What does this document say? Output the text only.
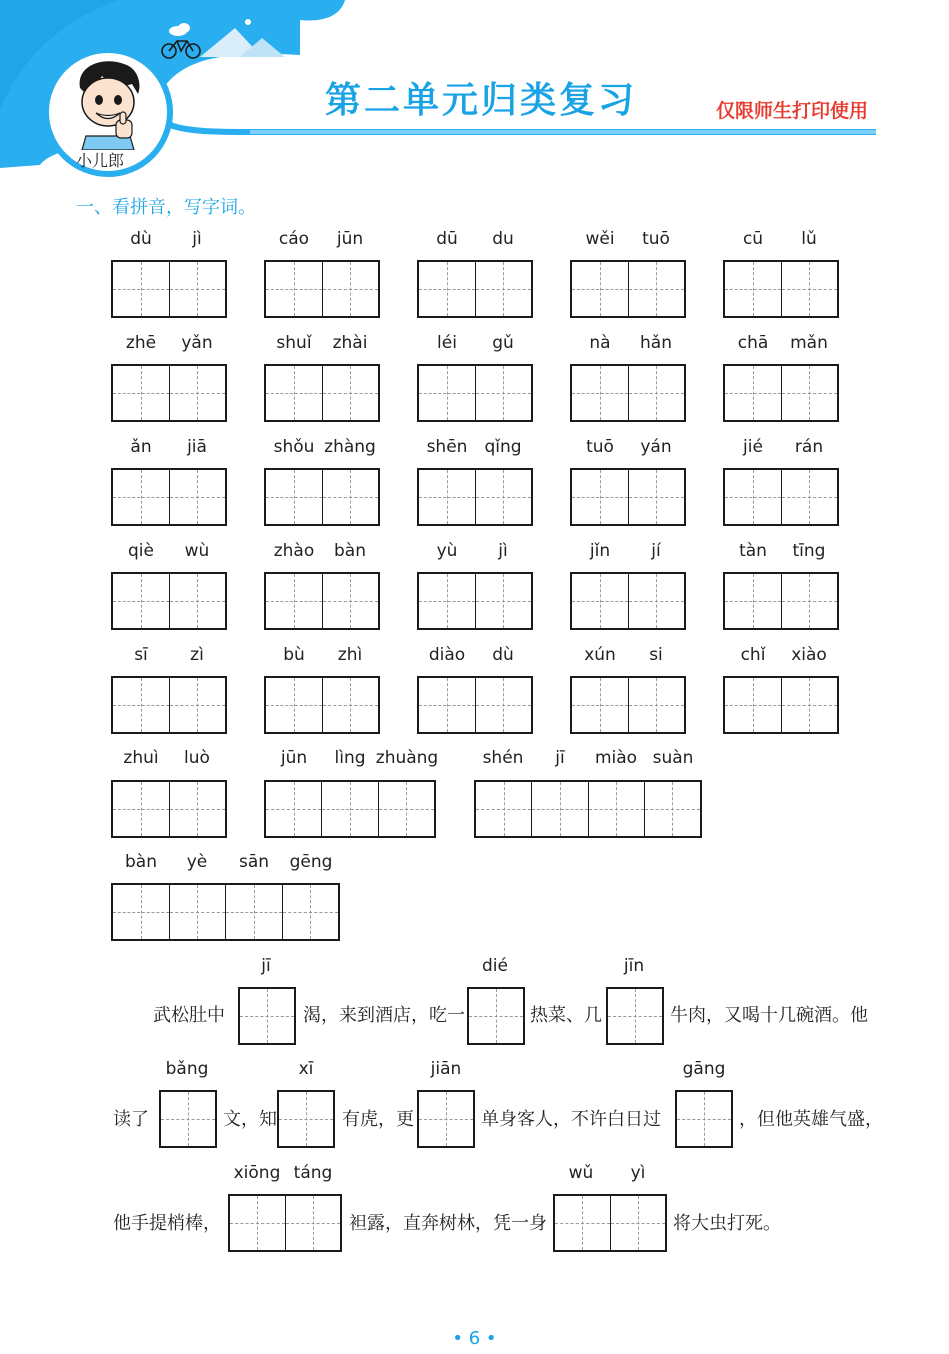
第二单元归类复习	仅限师生打印使用
小儿郎
一、看拼音，写字词。
dù jì	cáo jūn	dū du	wěi tuō	cū lǔ
zhē yǎn	shuǐ zhài	léi gǔ	nà hǎn	chā mǎn
ǎn jiā	shǒu zhàng	shēn qǐng	tuō yán	jié rán
qiè wù	zhào bàn	yù jì	jǐn jí	tàn tīng
sī zì	bù zhì	diào dù	xún si	chǐ xiào
zhuì luò	jūn lìng zhuàng	shén jī miào suàn
bàn yè sān gēng
jī	dié	jīn
武松肚中	渴，来到酒店，吃一	热菜、几	牛肉，又喝十几碗酒。他
bǎng	xī	jiān	gāng
读了	文，知	有虎，更	单身客人，不许白日过	，但他英雄气盛，
xiōng táng	wǔ yì
他手提梢棒，	袒露，直奔树林，凭一身	将大虫打死。
• 6 •
